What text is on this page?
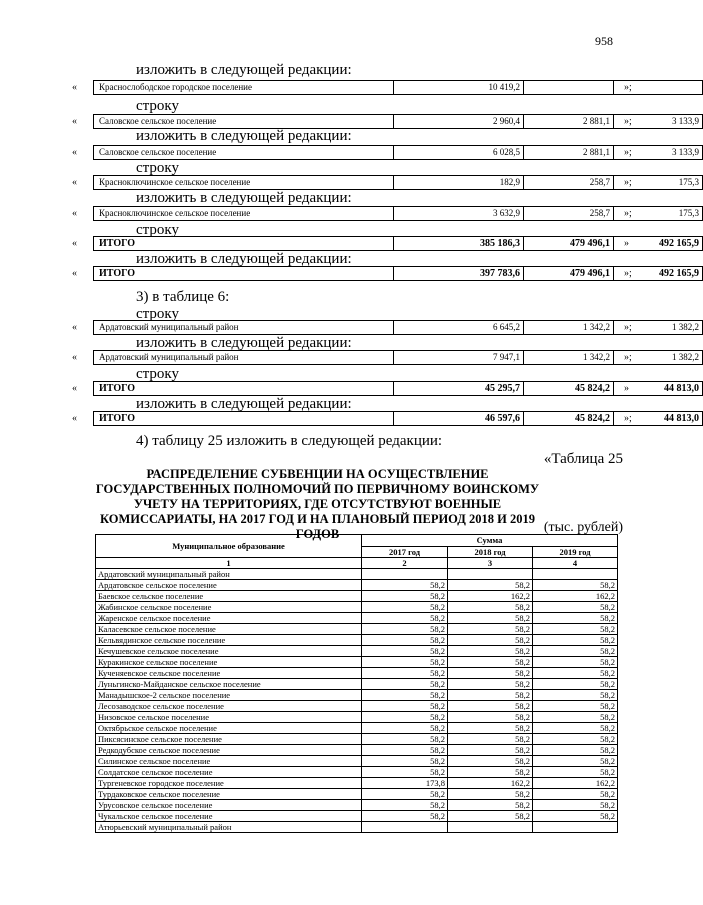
958
изложить в следующей редакции:
«	Краснослободское городское поселение	10 419,2	»;
строку
«	Саловское сельское поселение	2 960,4	2 881,1	3 133,9
»;
изложить в следующей редакции:
«	Саловское сельское поселение	6 028,5	2 881,1	3 133,9
»;
строку
«	Красноключинское сельское поселение	182,9	258,7	175,3
»;
изложить в следующей редакции:
«	Красноключинское сельское поселение	3 632,9	258,7	175,3
»;
строку
«	ИТОГО	385 186,3	479 496,1	492 165,9
»
изложить в следующей редакции:
«	ИТОГО	397 783,6	479 496,1	492 165,9
»;
3) в таблице 6:
строку
«	Ардатовский муниципальный район	6 645,2	1 342,2	1 382,2
»;
изложить в следующей редакции:
«	Ардатовский муниципальный район	7 947,1	1 342,2	1 382,2
»;
строку
«	ИТОГО	45 295,7	45 824,2	44 813,0
»
изложить в следующей редакции:
«	ИТОГО	46 597,6	45 824,2	44 813,0
»;
4) таблицу 25 изложить в следующей редакции:
«Таблица 25
РАСПРЕДЕЛЕНИЕ СУБВЕНЦИИ НА ОСУЩЕСТВЛЕНИЕ ГОСУДАРСТВЕННЫХ ПОЛНОМОЧИЙ ПО ПЕРВИЧНОМУ ВОИНСКОМУ УЧЕТУ НА ТЕРРИТОРИЯХ, ГДЕ ОТСУТСТВУЮТ ВОЕННЫЕ КОМИССАРИАТЫ, НА 2017 ГОД И НА ПЛАНОВЫЙ ПЕРИОД 2018 И 2019 ГОДОВ	(тыс. рублей)
Муниципальное образование	Сумма		
	2017 год	2018 год	2019 год
1	2	3	4
Ардатовский муниципальный район			
Ардатовское сельское поселение	58,2	58,2	58,2
Баевское сельское поселение	58,2	162,2	162,2
Жабинское сельское поселение	58,2	58,2	58,2
Жаренское сельское поселение	58,2	58,2	58,2
Каласевское сельское поселение	58,2	58,2	58,2
Кельвядинское сельское поселение	58,2	58,2	58,2
Кечушевское сельское поселение	58,2	58,2	58,2
Куракинское сельское поселение	58,2	58,2	58,2
Кученяевское сельское поселение	58,2	58,2	58,2
Луньгинско-Майданское сельское поселение	58,2	58,2	58,2
Манадышское-2 сельское поселение	58,2	58,2	58,2
Лесозаводское сельское поселение	58,2	58,2	58,2
Низовское сельское поселение	58,2	58,2	58,2
Октябрьское сельское поселение	58,2	58,2	58,2
Пиксясинское сельское поселение	58,2	58,2	58,2
Редкодубское сельское поселение	58,2	58,2	58,2
Силинское сельское поселение	58,2	58,2	58,2
Солдатское сельское поселение	58,2	58,2	58,2
Тургеневское городское поселение	173,8	162,2	162,2
Турдаковское сельское поселение	58,2	58,2	58,2
Урусовское сельское поселение	58,2	58,2	58,2
Чукальское сельское поселение	58,2	58,2	58,2
Атюрьевский муниципальный район			
